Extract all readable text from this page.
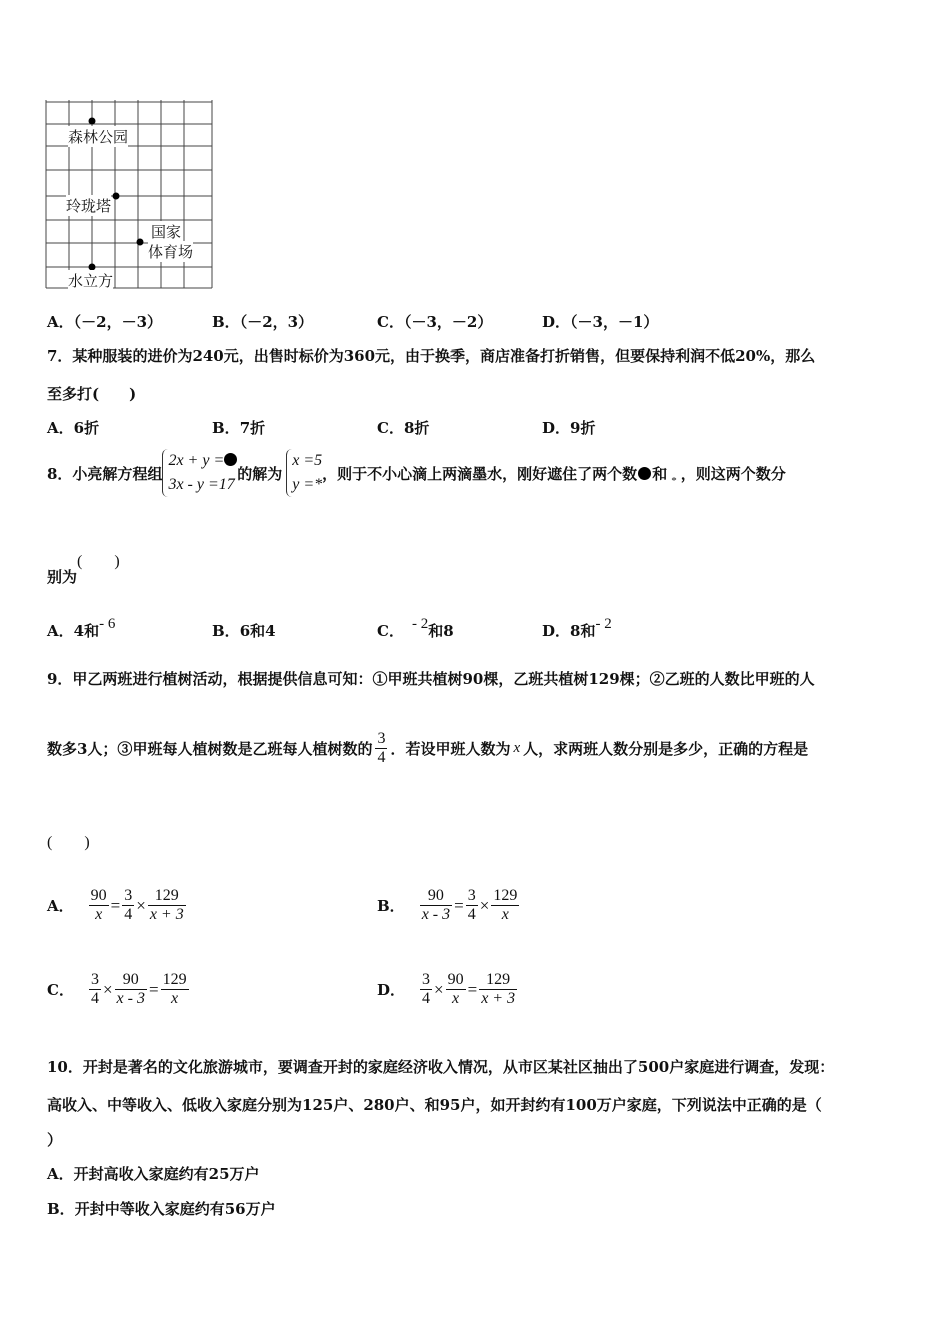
森林公园
玲珑塔
国家
体育场
水立方
A．（－2，－3）	B．（－2，3）	C．（－3，－2）	D．（－3，－1）
7．某种服装的进价为240元，出售时标价为360元，由于换季，商店准备打折销售，但要保持利润不低20%，那么
至多打(　　)
A．6折	B．7折	C．8折	D．9折
8．小亮解方程组
2x + y =
3x - y =17
的解为
x =5
y =*
，则于不小心滴上两滴墨水，刚好遮住了两个数 和 * ，则这两个数分
别为(　　)
A．4和- 6	B．6和4	C． - 2和8	D．8和- 2
9．甲乙两班进行植树活动，根据提供信息可知：①甲班共植树90棵，乙班共植树129棵；②乙班的人数比甲班的人
数多3人；③甲班每人植树数是乙班每人植树数的 $\frac{3}{4}$ ．若设甲班人数为 x 人，求两班人数分别是多少，正确的方程是
(　　)
A． $\frac{90}{x} = \frac{3}{4} \times \frac{129}{x + 3}$	B． $\frac{90}{x - 3} = \frac{3}{4} \times \frac{129}{x}$
C． $\frac{3}{4} \times \frac{90}{x - 3} = \frac{129}{x}$	D． $\frac{3}{4} \times \frac{90}{x} = \frac{129}{x + 3}$
10．开封是著名的文化旅游城市，要调查开封的家庭经济收入情况，从市区某社区抽出了500户家庭进行调查，发现：
高收入、中等收入、低收入家庭分别为125户、280户、和95户，如开封约有100万户家庭，下列说法中正确的是（
）
A．开封高收入家庭约有25万户
B．开封中等收入家庭约有56万户
